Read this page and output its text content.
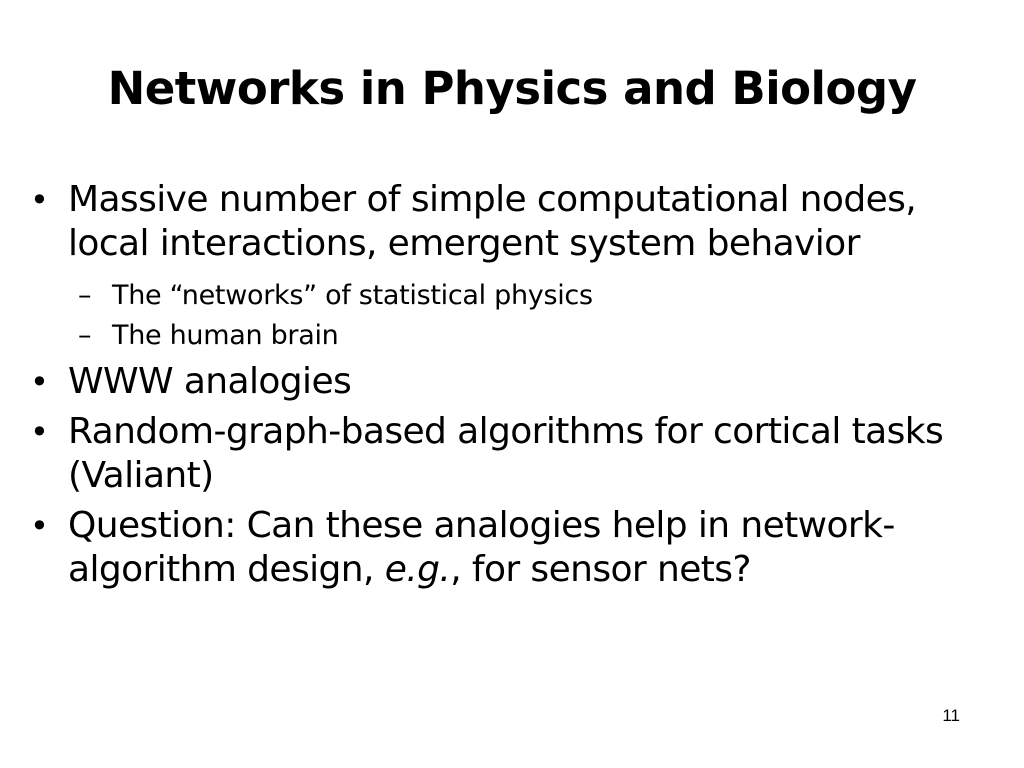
Networks in Physics and Biology
• Massive number of simple computational nodes, local interactions, emergent system behavior
– The “networks” of statistical physics
– The human brain
• WWW analogies
• Random-graph-based algorithms for cortical tasks (Valiant)
• Question: Can these analogies help in network-algorithm design, e.g., for sensor nets?
11
